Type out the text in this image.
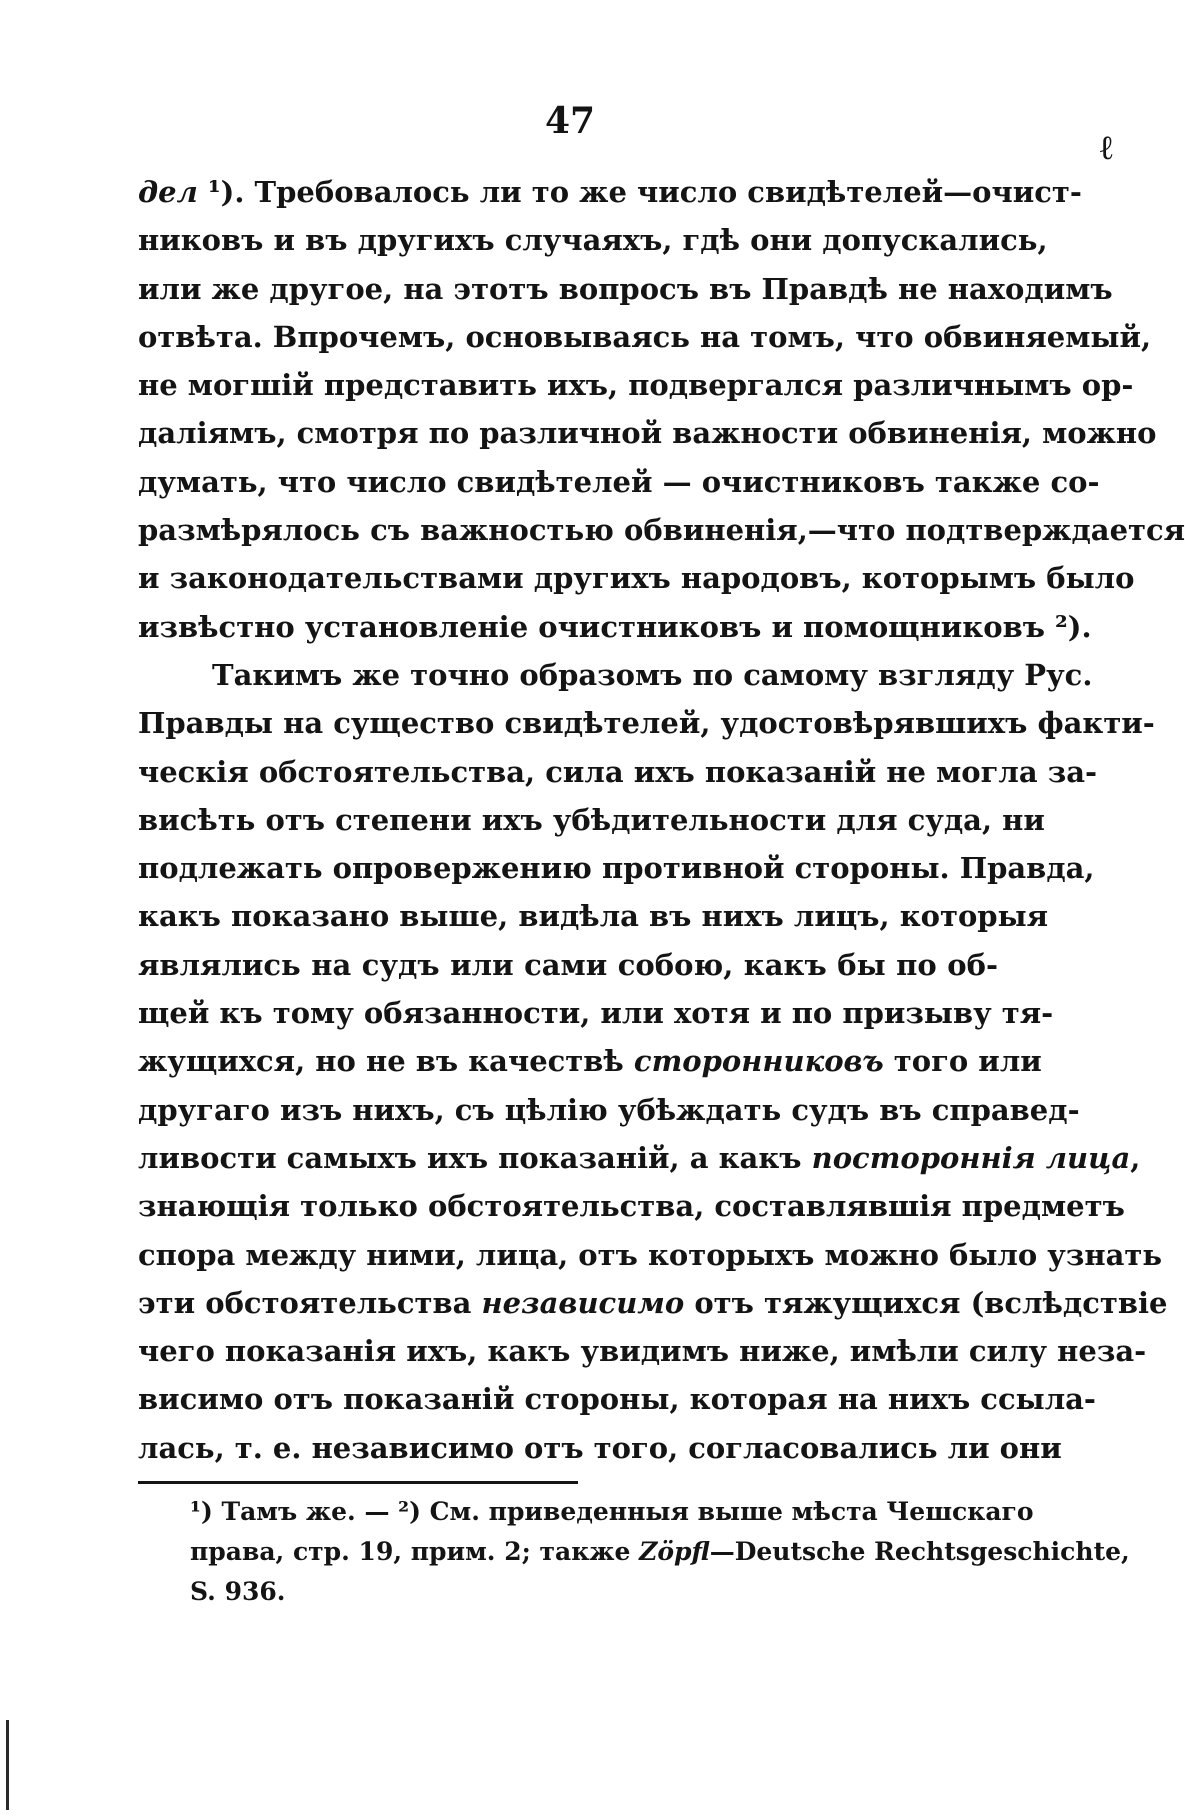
47
ℓ
дел ¹). Требовалось ли то же число свидѣтелей—очист-
никовъ и въ другихъ случаяхъ, гдѣ они допускались,
или же другое, на этотъ вопросъ въ Правдѣ не находимъ
отвѣта. Впрочемъ, основываясь на томъ, что обвиняемый,
не могшій представить ихъ, подвергался различнымъ ор-
даліямъ, смотря по различной важности обвиненія, можно
думать, что число свидѣтелей — очистниковъ также со-
размѣрялось съ важностью обвиненія,—что подтверждается
и законодательствами другихъ народовъ, которымъ было
извѣстно установленіе очистниковъ и помощниковъ ²).
Такимъ же точно образомъ по самому взгляду Рус.
Правды на существо свидѣтелей, удостовѣрявшихъ факти-
ческія обстоятельства, сила ихъ показаній не могла за-
висѣть отъ степени ихъ убѣдительности для суда, ни
подлежать опровержению противной стороны. Правда,
какъ показано выше, видѣла въ нихъ лицъ, которыя
являлись на судъ или сами собою, какъ бы по об-
щей къ тому обязанности, или хотя и по призыву тя-
жущихся, но не въ качествѣ сторонниковъ того или
другаго изъ нихъ, съ цѣлію убѣждать судъ въ справед-
ливости самыхъ ихъ показаній, а какъ постороннія лица,
знающія только обстоятельства, составлявшія предметъ
спора между ними, лица, отъ которыхъ можно было узнать
эти обстоятельства независимо отъ тяжущихся (вслѣдствіе
чего показанія ихъ, какъ увидимъ ниже, имѣли силу неза-
висимо отъ показаній стороны, которая на нихъ ссыла-
лась, т. е. независимо отъ того, согласовались ли они
¹) Тамъ же. — ²) См. приведенныя выше мѣста Чешскаго
права, стр. 19, прим. 2; также Zöpfl—Deutsche Rechtsgeschichte,
S. 936.
